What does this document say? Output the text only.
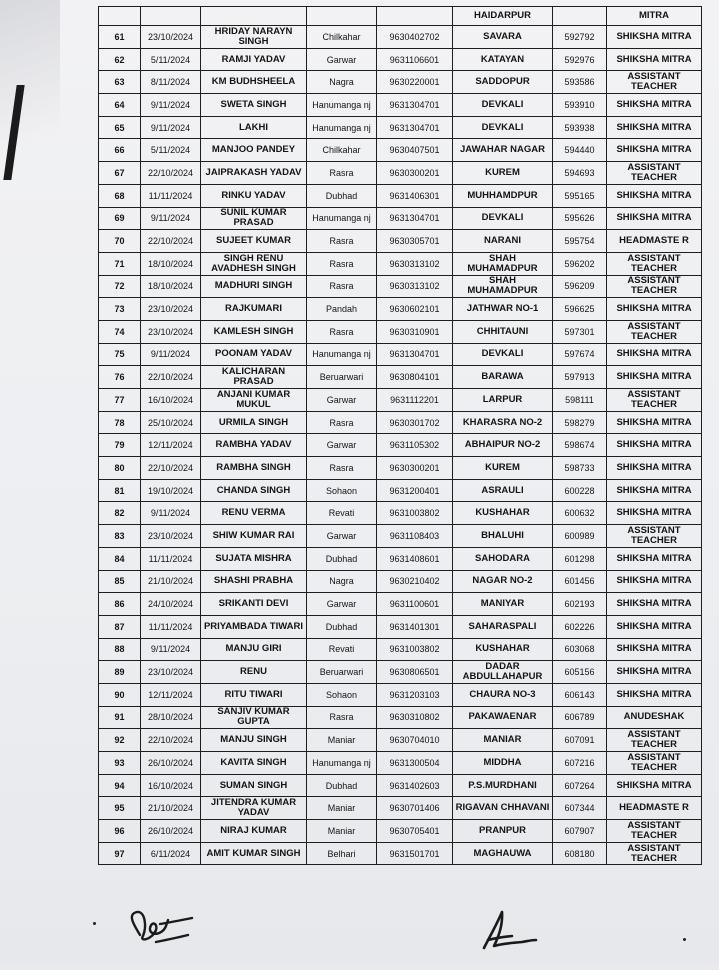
					HAIDARPUR		MITRA
61	23/10/2024	HRIDAY NARAYN SINGH	Chilkahar	9630402702	SAVARA	592792	SHIKSHA MITRA
62	5/11/2024	RAMJI YADAV	Garwar	9631106601	KATAYAN	592976	SHIKSHA MITRA
63	8/11/2024	KM BUDHSHEELA	Nagra	9630220001	SADDOPUR	593586	ASSISTANT TEACHER
64	9/11/2024	SWETA SINGH	Hanumanga nj	9631304701	DEVKALI	593910	SHIKSHA MITRA
65	9/11/2024	LAKHI	Hanumanga nj	9631304701	DEVKALI	593938	SHIKSHA MITRA
66	5/11/2024	MANJOO PANDEY	Chilkahar	9630407501	JAWAHAR NAGAR	594440	SHIKSHA MITRA
67	22/10/2024	JAIPRAKASH YADAV	Rasra	9630300201	KUREM	594693	ASSISTANT TEACHER
68	11/11/2024	RINKU YADAV	Dubhad	9631406301	MUHHAMDPUR	595165	SHIKSHA MITRA
69	9/11/2024	SUNIL KUMAR PRASAD	Hanumanga nj	9631304701	DEVKALI	595626	SHIKSHA MITRA
70	22/10/2024	SUJEET KUMAR	Rasra	9630305701	NARANI	595754	HEADMASTE R
71	18/10/2024	SINGH RENU AVADHESH SINGH	Rasra	9630313102	SHAH MUHAMADPUR	596202	ASSISTANT TEACHER
72	18/10/2024	MADHURI SINGH	Rasra	9630313102	SHAH MUHAMADPUR	596209	ASSISTANT TEACHER
73	23/10/2024	RAJKUMARI	Pandah	9630602101	JATHWAR NO-1	596625	SHIKSHA MITRA
74	23/10/2024	KAMLESH SINGH	Rasra	9630310901	CHHITAUNI	597301	ASSISTANT TEACHER
75	9/11/2024	POONAM YADAV	Hanumanga nj	9631304701	DEVKALI	597674	SHIKSHA MITRA
76	22/10/2024	KALICHARAN PRASAD	Beruarwari	9630804101	BARAWA	597913	SHIKSHA MITRA
77	16/10/2024	ANJANI KUMAR MUKUL	Garwar	9631112201	LARPUR	598111	ASSISTANT TEACHER
78	25/10/2024	URMILA SINGH	Rasra	9630301702	KHARASRA NO-2	598279	SHIKSHA MITRA
79	12/11/2024	RAMBHA YADAV	Garwar	9631105302	ABHAIPUR NO-2	598674	SHIKSHA MITRA
80	22/10/2024	RAMBHA SINGH	Rasra	9630300201	KUREM	598733	SHIKSHA MITRA
81	19/10/2024	CHANDA SINGH	Sohaon	9631200401	ASRAULI	600228	SHIKSHA MITRA
82	9/11/2024	RENU VERMA	Revati	9631003802	KUSHAHAR	600632	SHIKSHA MITRA
83	23/10/2024	SHIW KUMAR RAI	Garwar	9631108403	BHALUHI	600989	ASSISTANT TEACHER
84	11/11/2024	SUJATA MISHRA	Dubhad	9631408601	SAHODARA	601298	SHIKSHA MITRA
85	21/10/2024	SHASHI PRABHA	Nagra	9630210402	NAGAR NO-2	601456	SHIKSHA MITRA
86	24/10/2024	SRIKANTI DEVI	Garwar	9631100601	MANIYAR	602193	SHIKSHA MITRA
87	11/11/2024	PRIYAMBADA TIWARI	Dubhad	9631401301	SAHARASPALI	602226	SHIKSHA MITRA
88	9/11/2024	MANJU GIRI	Revati	9631003802	KUSHAHAR	603068	SHIKSHA MITRA
89	23/10/2024	RENU	Beruarwari	9630806501	DADAR ABDULLAHAPUR	605156	SHIKSHA MITRA
90	12/11/2024	RITU TIWARI	Sohaon	9631203103	CHAURA NO-3	606143	SHIKSHA MITRA
91	28/10/2024	SANJIV KUMAR GUPTA	Rasra	9630310802	PAKAWAENAR	606789	ANUDESHAK
92	22/10/2024	MANJU SINGH	Maniar	9630704010	MANIAR	607091	ASSISTANT TEACHER
93	26/10/2024	KAVITA SINGH	Hanumanga nj	9631300504	MIDDHA	607216	ASSISTANT TEACHER
94	16/10/2024	SUMAN SINGH	Dubhad	9631402603	P.S.MURDHANI	607264	SHIKSHA MITRA
95	21/10/2024	JITENDRA KUMAR YADAV	Maniar	9630701406	RIGAVAN CHHAVANI	607344	HEADMASTE R
96	26/10/2024	NIRAJ KUMAR	Maniar	9630705401	PRANPUR	607907	ASSISTANT TEACHER
97	6/11/2024	AMIT KUMAR SINGH	Belhari	9631501701	MAGHAUWA	608180	ASSISTANT TEACHER
